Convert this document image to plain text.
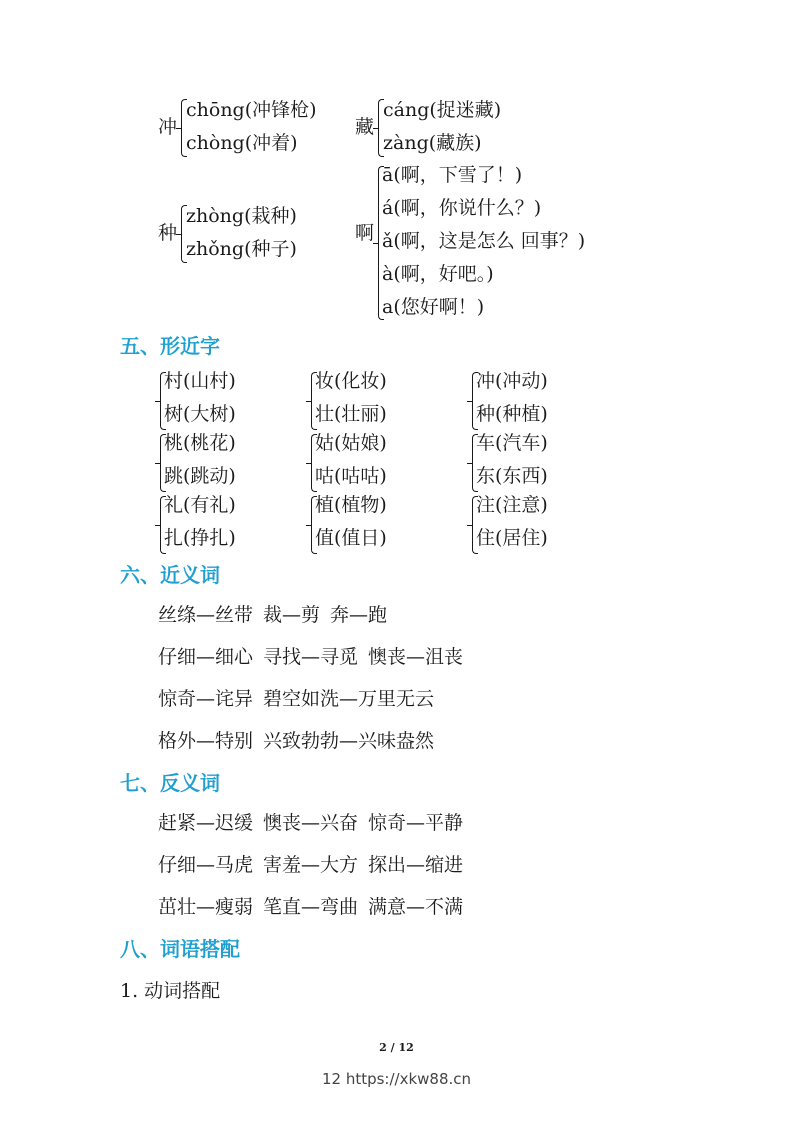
冲
chōng(冲锋枪)
chòng(冲着)
藏
cáng(捉迷藏)
zàng(藏族)
种
zhòng(栽种)
zhǒng(种子)
啊
ā(啊，下雪了！)
á(啊，你说什么？)
ǎ(啊，这是怎么 回事？)
à(啊，好吧。)
a(您好啊！)
五、形近字
村(山村)
树(大树)
妆(化妆)
壮(壮丽)
冲(冲动)
种(种植)
桃(桃花)
跳(跳动)
姑(姑娘)
咕(咕咕)
车(汽车)
东(东西)
礼(有礼)
扎(挣扎)
植(植物)
值(值日)
注(注意)
住(居住)
六、近义词
丝绦—丝带 裁—剪 奔—跑
仔细—细心 寻找—寻觅 懊丧—沮丧
惊奇—诧异 碧空如洗—万里无云
格外—特别 兴致勃勃—兴味盎然
七、反义词
赶紧—迟缓 懊丧—兴奋 惊奇—平静
仔细—马虎 害羞—大方 探出—缩进
茁壮—瘦弱 笔直—弯曲 满意—不满
八、词语搭配
1. 动词搭配
2 / 12
12 https://xkw88.cn
